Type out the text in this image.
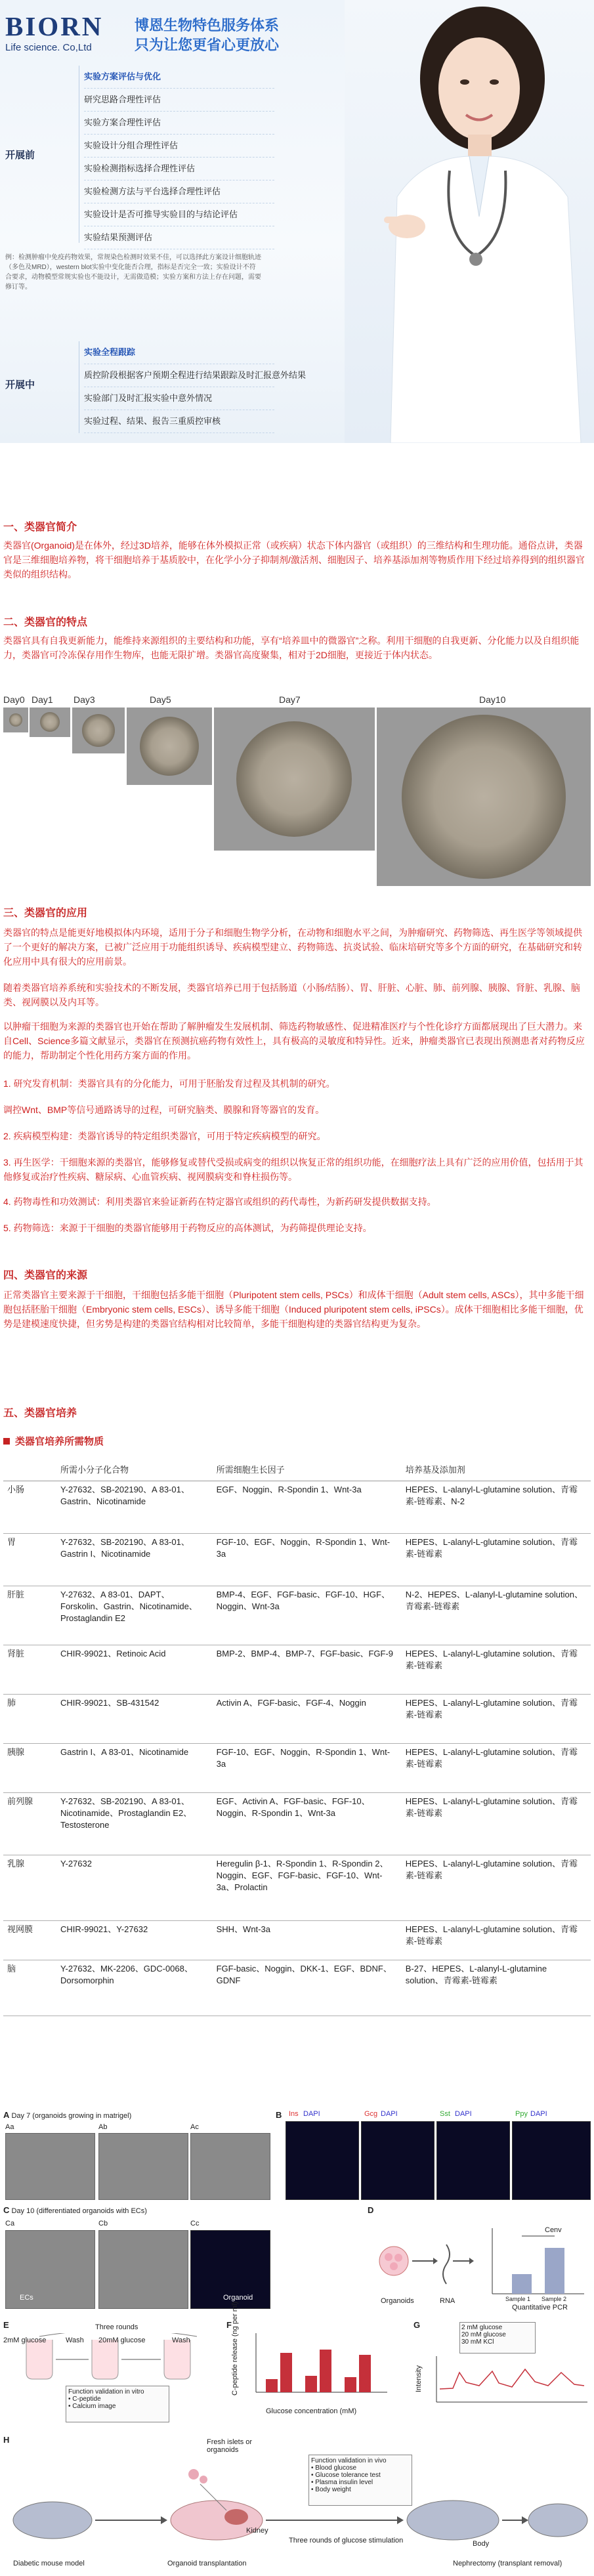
BIORN
Life science. Co,Ltd
博恩生物特色服务体系
只为让您更省心更放心
开展前
实验方案评估与优化
研究思路合理性评估
实验方案合理性评估
实验设计分组合理性评估
实验检测指标选择合理性评估
实验检测方法与平台选择合理性评估
实验设计是否可推导实验目的与结论评估
实验结果预测评估
例：检测肿瘤中免疫药物效果，常规染色检测时效果不佳，可以选择此方案设计细胞轨迹（多色及MRD），western blot实验中变化能否合理，指标是否完全一致；实验设计不符合要求，动物模型常规实验也不能设计，无需做造模；实验方案和方法上存在问题，需要修订等。
开展中
实验全程跟踪
质控阶段根据客户预期全程进行结果跟踪及时汇报意外结果
实验部门及时汇报实验中意外情况
实验过程、结果、报告三重质控审核
一、类器官简介
类器官(Organoid)是在体外，经过3D培养，能够在体外模拟正常（或疾病）状态下体内器官（或组织）的三维结构和生理功能。通俗点讲，类器官是三维细胞培养物，将干细胞培养于基质胶中，在化学小分子抑制剂/激活剂、细胞因子、培养基添加剂等物质作用下经过培养得到的组织器官类似的组织结构。
二、类器官的特点
类器官具有自我更新能力，能维持来源组织的主要结构和功能，享有“培养皿中的微器官”之称。利用干细胞的自我更新、分化能力以及自组织能力，类器官可冷冻保存用作生物库，也能无限扩增。类器官高度聚集，相对于2D细胞，更接近于体内状态。
Day0 Day1 Day3	Day5	Day7	Day10
三、类器官的应用
类器官的特点是能更好地模拟体内环境，适用于分子和细胞生物学分析，在动物和细胞水平之间，为肿瘤研究、药物筛选、再生医学等领域提供了一个更好的解决方案，已被广泛应用于功能组织诱导、疾病模型建立、药物筛选、抗炎试验、临床培研究等多个方面的研究，在基础研究和转化应用中具有很大的应用前景。
随着类器官培养系统和实验技术的不断发展，类器官培养已用于包括肠道（小肠/结肠）、胃、肝脏、心脏、肺、前列腺、胰腺、肾脏、乳腺、脑类、视网膜以及内耳等。
以肿瘤干细胞为来源的类器官也开始在帮助了解肿瘤发生发展机制、筛选药物敏感性、促进精准医疗与个性化诊疗方面都展现出了巨大潜力。来自Cell、Science多篇文献显示，类器官在预测抗癌药物有效性上，具有极高的灵敏度和特异性。近来，肿瘤类器官已表现出预测患者对药物反应的能力，帮助制定个性化用药方案方面的作用。
1. 研究发育机制：类器官具有的分化能力，可用于胚胎发育过程及其机制的研究。
调控Wnt、BMP等信号通路诱导的过程，可研究脑类、膜腺和肾等器官的发育。
2. 疾病模型构建：类器官诱导的特定组织类器官，可用于特定疾病模型的研究。
3. 再生医学：干细胞来源的类器官，能够修复或替代受损或病变的组织以恢复正常的组织功能，在细胞疗法上具有广泛的应用价值，包括用于其他修复或治疗性疾病、糖尿病、心血管疾病、视网膜病变和脊柱损伤等。
4. 药物毒性和功效测试：利用类器官来验证新药在特定器官或组织的药代毒性，为新药研发提供数据支持。
5. 药物筛选：来源于干细胞的类器官能够用于药物反应的高体测试，为药筛提供理论支持。
四、类器官的来源
正常类器官主要来源于干细胞，干细胞包括多能干细胞（Pluripotent stem cells, PSCs）和成体干细胞（Adult stem cells, ASCs），其中多能干细胞包括胚胎干细胞（Embryonic stem cells, ESCs）、诱导多能干细胞（Induced pluripotent stem cells, iPSCs）。成体干细胞相比多能干细胞，优势是建模速度快捷，但劣势是构建的类器官结构相对比较简单，多能干细胞构建的类器官结构更为复杂。
五、类器官培养
类器官培养所需物质
	所需小分子化合物	所需细胞生长因子	培养基及添加剂
小肠	Y-27632、SB-202190、A 83-01、Gastrin、Nicotinamide	EGF、Noggin、R-Spondin 1、Wnt-3a	HEPES、L-alanyl-L-glutamine solution、青霉素-链霉素、N-2
胃	Y-27632、SB-202190、A 83-01、Gastrin I、Nicotinamide	FGF-10、EGF、Noggin、R-Spondin 1、Wnt-3a	HEPES、L-alanyl-L-glutamine solution、青霉素-链霉素
肝脏	Y-27632、A 83-01、DAPT、Forskolin、Gastrin、Nicotinamide、Prostaglandin E2	BMP-4、EGF、FGF-basic、FGF-10、HGF、Noggin、Wnt-3a	N-2、HEPES、L-alanyl-L-glutamine solution、青霉素-链霉素
肾脏	CHIR-99021、Retinoic Acid	BMP-2、BMP-4、BMP-7、FGF-basic、FGF-9	HEPES、L-alanyl-L-glutamine solution、青霉素-链霉素
肺	CHIR-99021、SB-431542	Activin A、FGF-basic、FGF-4、Noggin	HEPES、L-alanyl-L-glutamine solution、青霉素-链霉素
胰腺	Gastrin I、A 83-01、Nicotinamide	FGF-10、EGF、Noggin、R-Spondin 1、Wnt-3a	HEPES、L-alanyl-L-glutamine solution、青霉素-链霉素
前列腺	Y-27632、SB-202190、A 83-01、Nicotinamide、Prostaglandin E2、Testosterone	EGF、Activin A、FGF-basic、FGF-10、Noggin、R-Spondin 1、Wnt-3a	HEPES、L-alanyl-L-glutamine solution、青霉素-链霉素
乳腺	Y-27632	Heregulin β-1、R-Spondin 1、R-Spondin 2、Noggin、EGF、FGF-basic、FGF-10、Wnt-3a、Prolactin	HEPES、L-alanyl-L-glutamine solution、青霉素-链霉素
视网膜	CHIR-99021、Y-27632	SHH、Wnt-3a	HEPES、L-alanyl-L-glutamine solution、青霉素-链霉素
脑	Y-27632、MK-2206、GDC-0068、Dorsomorphin	FGF-basic、Noggin、DKK-1、EGF、BDNF、GDNF	B-27、HEPES、L-alanyl-L-glutamine solution、青霉素-链霉素
A Day 7 (organoids growing in matrigel)
Aa	Ab	Ac
B Ins DAPI	Gcg DAPI	Sst DAPI	Ppy DAPI
C Day 10 (differentiated organoids with ECs)
Ca	Cb	Cc
ECs	Organoid
D
Organoids	RNA
Quantitative PCR
Cenv
Sample 1 Sample 2
E	Three rounds
2mM glucose	Wash 20mM glucose	Wash
Function validation in vitro
• C-peptide
• Calcium image
F
Glucose concentration (mM)
C-peptide release (ng per ml)	G	2 mM glucose
20 mM glucose
30 mM KCl
Intensity
H	Fresh islets or organoids
Kidney
Diabetic mouse model	Organoid transplantation
Body
Nephrectomy (transplant removal)
Three rounds of glucose stimulation
Function validation in vivo
• Blood glucose
• Glucose tolerance test
• Plasma insulin level
• Body weight
